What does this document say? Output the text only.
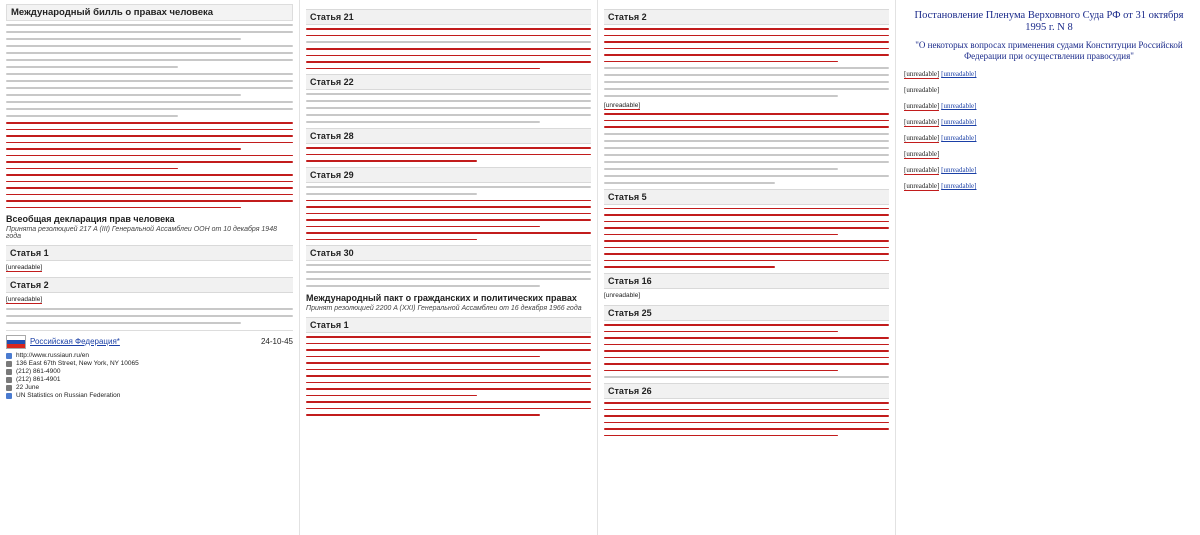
Международный билль о правах человека
Всеобщая декларация прав человека
Принята резолюцией 217 A (III) Генеральной Ассамблеи ООН от 10 декабря 1948 года
Статья 1

[unreadable]

Статья 2

[unreadable]

Российская Федерация*	24-10-45
http://www.russiaun.ru/en
136 East 67th Street, New York, NY 10065
(212) 861-4900
(212) 861-4901
22 June
UN Statistics on Russian Federation
Статья 21
Статья 22
Статья 28
Статья 29
Статья 30
Международный пакт о гражданских и политических правах
Принят резолюцией 2200 A (XXI) Генеральной Ассамблеи от 16 декабря 1966 года
Статья 1
Статья 2

[unreadable]

Статья 5
Статья 16

[unreadable]

Статья 25
Статья 26
Постановление Пленума Верховного Суда РФ от 31 октября 1995 г. N 8
"О некоторых вопросах применения судами Конституции Российской Федерации при осуществлении правосудия"

[unreadable] [unreadable]

[unreadable]

[unreadable] [unreadable]

[unreadable] [unreadable]

[unreadable] [unreadable]

[unreadable]

[unreadable] [unreadable]

[unreadable] [unreadable]
